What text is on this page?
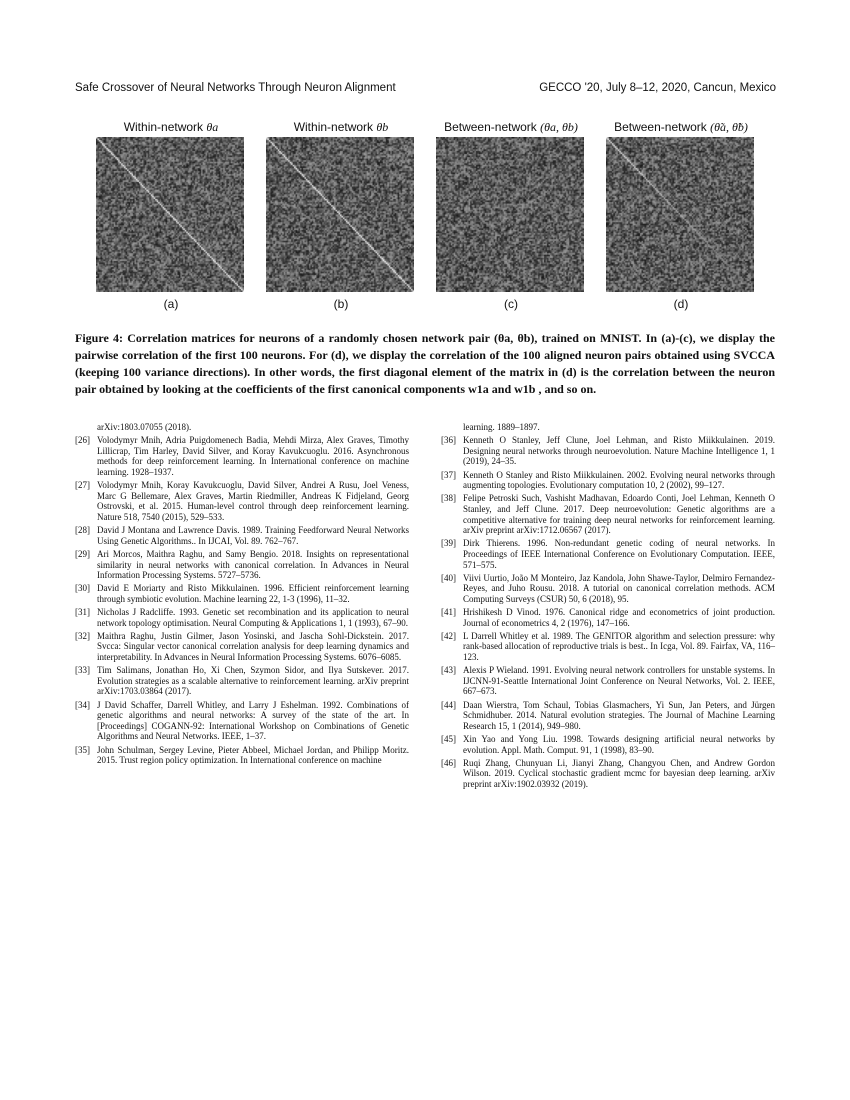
Safe Crossover of Neural Networks Through Neuron Alignment	GECCO '20, July 8–12, 2020, Cancun, Mexico
Within-network θa
(a)
Within-network θb
(b)
Between-network (θa, θb)
(c)
Between-network (θ̃a, θ̃b)
(d)
Figure 4: Correlation matrices for neurons of a randomly chosen network pair (θa, θb), trained on MNIST. In (a)-(c), we display the pairwise correlation of the first 100 neurons. For (d), we display the correlation of the 100 aligned neuron pairs obtained using SVCCA (keeping 100 variance directions). In other words, the first diagonal element of the matrix in (d) is the correlation between the neuron pair obtained by looking at the coefficients of the first canonical components w1a and w1b , and so on.
arXiv:1803.07055 (2018).
[26] Volodymyr Mnih, Adria Puigdomenech Badia, Mehdi Mirza, Alex Graves, Timothy Lillicrap, Tim Harley, David Silver, and Koray Kavukcuoglu. 2016. Asynchronous methods for deep reinforcement learning. In International conference on machine learning. 1928–1937.
[27] Volodymyr Mnih, Koray Kavukcuoglu, David Silver, Andrei A Rusu, Joel Veness, Marc G Bellemare, Alex Graves, Martin Riedmiller, Andreas K Fidjeland, Georg Ostrovski, et al. 2015. Human-level control through deep reinforcement learning. Nature 518, 7540 (2015), 529–533.
[28] David J Montana and Lawrence Davis. 1989. Training Feedforward Neural Networks Using Genetic Algorithms.. In IJCAI, Vol. 89. 762–767.
[29] Ari Morcos, Maithra Raghu, and Samy Bengio. 2018. Insights on representational similarity in neural networks with canonical correlation. In Advances in Neural Information Processing Systems. 5727–5736.
[30] David E Moriarty and Risto Mikkulainen. 1996. Efficient reinforcement learning through symbiotic evolution. Machine learning 22, 1-3 (1996), 11–32.
[31] Nicholas J Radcliffe. 1993. Genetic set recombination and its application to neural network topology optimisation. Neural Computing & Applications 1, 1 (1993), 67–90.
[32] Maithra Raghu, Justin Gilmer, Jason Yosinski, and Jascha Sohl-Dickstein. 2017. Svcca: Singular vector canonical correlation analysis for deep learning dynamics and interpretability. In Advances in Neural Information Processing Systems. 6076–6085.
[33] Tim Salimans, Jonathan Ho, Xi Chen, Szymon Sidor, and Ilya Sutskever. 2017. Evolution strategies as a scalable alternative to reinforcement learning. arXiv preprint arXiv:1703.03864 (2017).
[34] J David Schaffer, Darrell Whitley, and Larry J Eshelman. 1992. Combinations of genetic algorithms and neural networks: A survey of the state of the art. In [Proceedings] COGANN-92: International Workshop on Combinations of Genetic Algorithms and Neural Networks. IEEE, 1–37.
[35] John Schulman, Sergey Levine, Pieter Abbeel, Michael Jordan, and Philipp Moritz. 2015. Trust region policy optimization. In International conference on machine
learning. 1889–1897.
[36] Kenneth O Stanley, Jeff Clune, Joel Lehman, and Risto Miikkulainen. 2019. Designing neural networks through neuroevolution. Nature Machine Intelligence 1, 1 (2019), 24–35.
[37] Kenneth O Stanley and Risto Miikkulainen. 2002. Evolving neural networks through augmenting topologies. Evolutionary computation 10, 2 (2002), 99–127.
[38] Felipe Petroski Such, Vashisht Madhavan, Edoardo Conti, Joel Lehman, Kenneth O Stanley, and Jeff Clune. 2017. Deep neuroevolution: Genetic algorithms are a competitive alternative for training deep neural networks for reinforcement learning. arXiv preprint arXiv:1712.06567 (2017).
[39] Dirk Thierens. 1996. Non-redundant genetic coding of neural networks. In Proceedings of IEEE International Conference on Evolutionary Computation. IEEE, 571–575.
[40] Viivi Uurtio, João M Monteiro, Jaz Kandola, John Shawe-Taylor, Delmiro Fernandez-Reyes, and Juho Rousu. 2018. A tutorial on canonical correlation methods. ACM Computing Surveys (CSUR) 50, 6 (2018), 95.
[41] Hrishikesh D Vinod. 1976. Canonical ridge and econometrics of joint production. Journal of econometrics 4, 2 (1976), 147–166.
[42] L Darrell Whitley et al. 1989. The GENITOR algorithm and selection pressure: why rank-based allocation of reproductive trials is best.. In Icga, Vol. 89. Fairfax, VA, 116–123.
[43] Alexis P Wieland. 1991. Evolving neural network controllers for unstable systems. In IJCNN-91-Seattle International Joint Conference on Neural Networks, Vol. 2. IEEE, 667–673.
[44] Daan Wierstra, Tom Schaul, Tobias Glasmachers, Yi Sun, Jan Peters, and Jürgen Schmidhuber. 2014. Natural evolution strategies. The Journal of Machine Learning Research 15, 1 (2014), 949–980.
[45] Xin Yao and Yong Liu. 1998. Towards designing artificial neural networks by evolution. Appl. Math. Comput. 91, 1 (1998), 83–90.
[46] Ruqi Zhang, Chunyuan Li, Jianyi Zhang, Changyou Chen, and Andrew Gordon Wilson. 2019. Cyclical stochastic gradient mcmc for bayesian deep learning. arXiv preprint arXiv:1902.03932 (2019).
